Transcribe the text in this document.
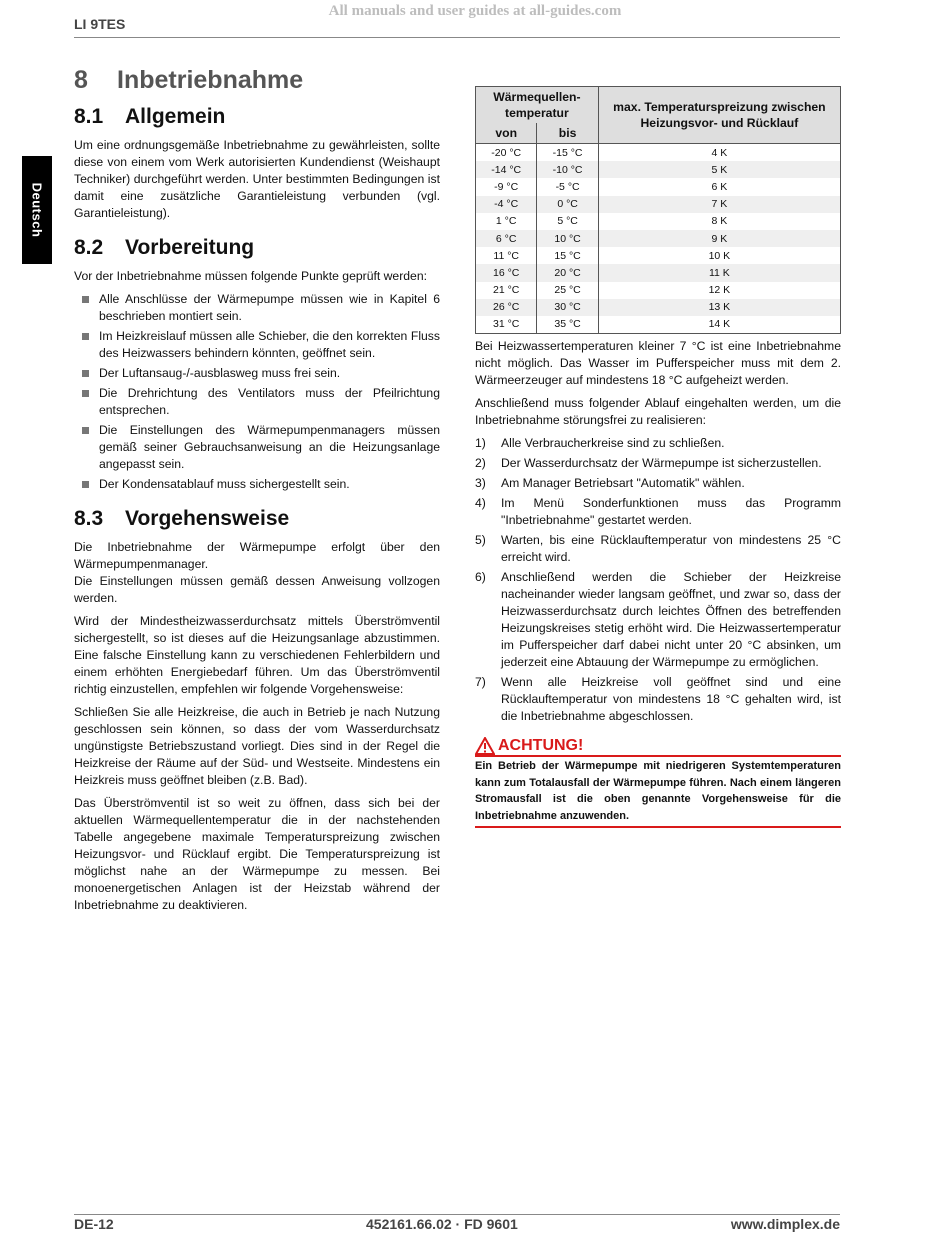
All manuals and user guides at all-guides.com
LI 9TES
Deutsch
8	Inbetriebnahme
8.1	Allgemein

Um eine ordnungsgemäße Inbetriebnahme zu gewährleisten, sollte diese von einem vom Werk autorisierten Kundendienst (Weishaupt Techniker) durchgeführt werden. Unter bestimmten Bedingungen ist damit eine zusätzliche Garantieleistung verbunden (vgl. Garantieleistung).

8.2	Vorbereitung

Vor der Inbetriebnahme müssen folgende Punkte geprüft werden:

Alle Anschlüsse der Wärmepumpe müssen wie in Kapitel 6 beschrieben montiert sein.
Im Heizkreislauf müssen alle Schieber, die den korrekten Fluss des Heizwassers behindern könnten, geöffnet sein.
Der Luftansaug-/-ausblasweg muss frei sein.
Die Drehrichtung des Ventilators muss der Pfeilrichtung entsprechen.
Die Einstellungen des Wärmepumpenmanagers müssen gemäß seiner Gebrauchsanweisung an die Heizungsanlage angepasst sein.
Der Kondensatablauf muss sichergestellt sein.
8.3	Vorgehensweise

Die Inbetriebnahme der Wärmepumpe erfolgt über den Wärmepumpenmanager.

Die Einstellungen müssen gemäß dessen Anweisung vollzogen werden.

Wird der Mindestheizwasserdurchsatz mittels Überströmventil sichergestellt, so ist dieses auf die Heizungsanlage abzustimmen. Eine falsche Einstellung kann zu verschiedenen Fehlerbildern und einem erhöhten Energiebedarf führen. Um das Überströmventil richtig einzustellen, empfehlen wir folgende Vorgehensweise:

Schließen Sie alle Heizkreise, die auch in Betrieb je nach Nutzung geschlossen sein können, so dass der vom Wasserdurchsatz ungünstigste Betriebszustand vorliegt. Dies sind in der Regel die Heizkreise der Räume auf der Süd- und Westseite. Mindestens ein Heizkreis muss geöffnet bleiben (z.B. Bad).

Das Überströmventil ist so weit zu öffnen, dass sich bei der aktuellen Wärmequellentemperatur die in der nachstehenden Tabelle angegebene maximale Temperaturspreizung zwischen Heizungsvor- und Rücklauf ergibt. Die Temperaturspreizung ist möglichst nahe an der Wärmepumpe zu messen. Bei monoenergetischen Anlagen ist der Heizstab während der Inbetriebnahme zu deaktivieren.

Wärmequellen-temperatur		max. Temperaturspreizung zwischen Heizungsvor- und Rücklauf
von	bis	
-20 °C	-15 °C	4 K
-14 °C	-10 °C	5 K
-9 °C	-5 °C	6 K
-4 °C	0 °C	7 K
1 °C	5 °C	8 K
6 °C	10 °C	9 K
11 °C	15 °C	10 K
16 °C	20 °C	11 K
21 °C	25 °C	12 K
26 °C	30 °C	13 K
31 °C	35 °C	14 K

Bei Heizwassertemperaturen kleiner 7 °C ist eine Inbetriebnahme nicht möglich. Das Wasser im Pufferspeicher muss mit dem 2. Wärmeerzeuger auf mindestens 18 °C aufgeheizt werden.

Anschließend muss folgender Ablauf eingehalten werden, um die Inbetriebnahme störungsfrei zu realisieren:

1) Alle Verbraucherkreise sind zu schließen.
2) Der Wasserdurchsatz der Wärmepumpe ist sicherzustellen.
3) Am Manager Betriebsart "Automatik" wählen.
4) Im Menü Sonderfunktionen muss das Programm "Inbetriebnahme" gestartet werden.
5) Warten, bis eine Rücklauftemperatur von mindestens 25 °C erreicht wird.
6) Anschließend werden die Schieber der Heizkreise nacheinander wieder langsam geöffnet, und zwar so, dass der Heizwasserdurchsatz durch leichtes Öffnen des betreffenden Heizungskreises stetig erhöht wird. Die Heizwassertemperatur im Pufferspeicher darf dabei nicht unter 20 °C absinken, um jederzeit eine Abtauung der Wärmepumpe zu ermöglichen.
7) Wenn alle Heizkreise voll geöffnet sind und eine Rücklauftemperatur von mindestens 18 °C gehalten wird, ist die Inbetriebnahme abgeschlossen.
ACHTUNG!
Ein Betrieb der Wärmepumpe mit niedrigeren Systemtemperaturen kann zum Totalausfall der Wärmepumpe führen. Nach einem längeren Stromausfall ist die oben genannte Vorgehensweise für die Inbetriebnahme anzuwenden.
DE-12	452161.66.02 · FD 9601	www.dimplex.de
